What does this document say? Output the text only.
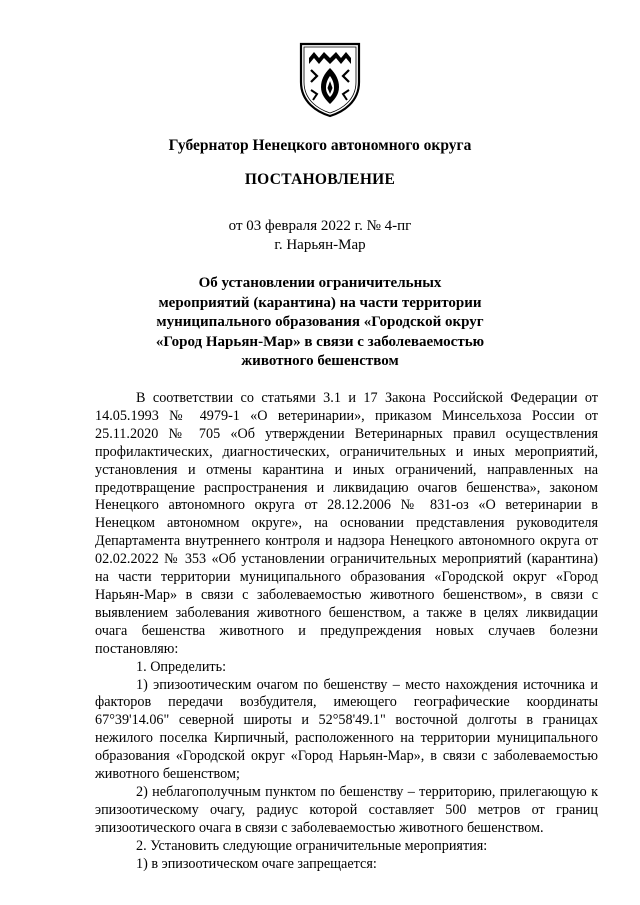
Губернатор Ненецкого автономного округа

ПОСТАНОВЛЕНИЕ

от 03 февраля 2022 г. № 4-пг
г. Нарьян-Мар
Об установлении ограничительных
мероприятий (карантина) на части территории
муниципального образования «Городской округ
«Город Нарьян-Мар» в связи с заболеваемостью
животного бешенством

В соответствии со статьями 3.1 и 17 Закона Российской Федерации от 14.05.1993 № 4979-1 «О ветеринарии», приказом Минсельхоза России от 25.11.2020 № 705 «Об утверждении Ветеринарных правил осуществления профилактических, диагностических, ограничительных и иных мероприятий, установления и отмены карантина и иных ограничений, направленных на предотвращение распространения и ликвидацию очагов бешенства», законом Ненецкого автономного округа от 28.12.2006 № 831-оз «О ветеринарии в Ненецком автономном округе», на основании представления руководителя Департамента внутреннего контроля и надзора Ненецкого автономного округа от 02.02.2022 № 353 «Об установлении ограничительных мероприятий (карантина) на части территории муниципального образования «Городской округ «Город Нарьян-Мар» в связи с заболеваемостью животного бешенством», в связи с выявлением заболевания животного бешенством, а также в целях ликвидации очага бешенства животного и предупреждения новых случаев болезни постановляю:

1. Определить:

1) эпизоотическим очагом по бешенству – место нахождения источника и факторов передачи возбудителя, имеющего географические координаты 67°39'14.06" северной широты и 52°58'49.1" восточной долготы в границах нежилого поселка Кирпичный, расположенного на территории муниципального образования «Городской округ «Город Нарьян-Мар», в связи с заболеваемостью животного бешенством;

2) неблагополучным пунктом по бешенству – территорию, прилегающую к эпизоотическому очагу, радиус которой составляет 500 метров от границ эпизоотического очага в связи с заболеваемостью животного бешенством.

2. Установить следующие ограничительные мероприятия:

1) в эпизоотическом очаге запрещается:
